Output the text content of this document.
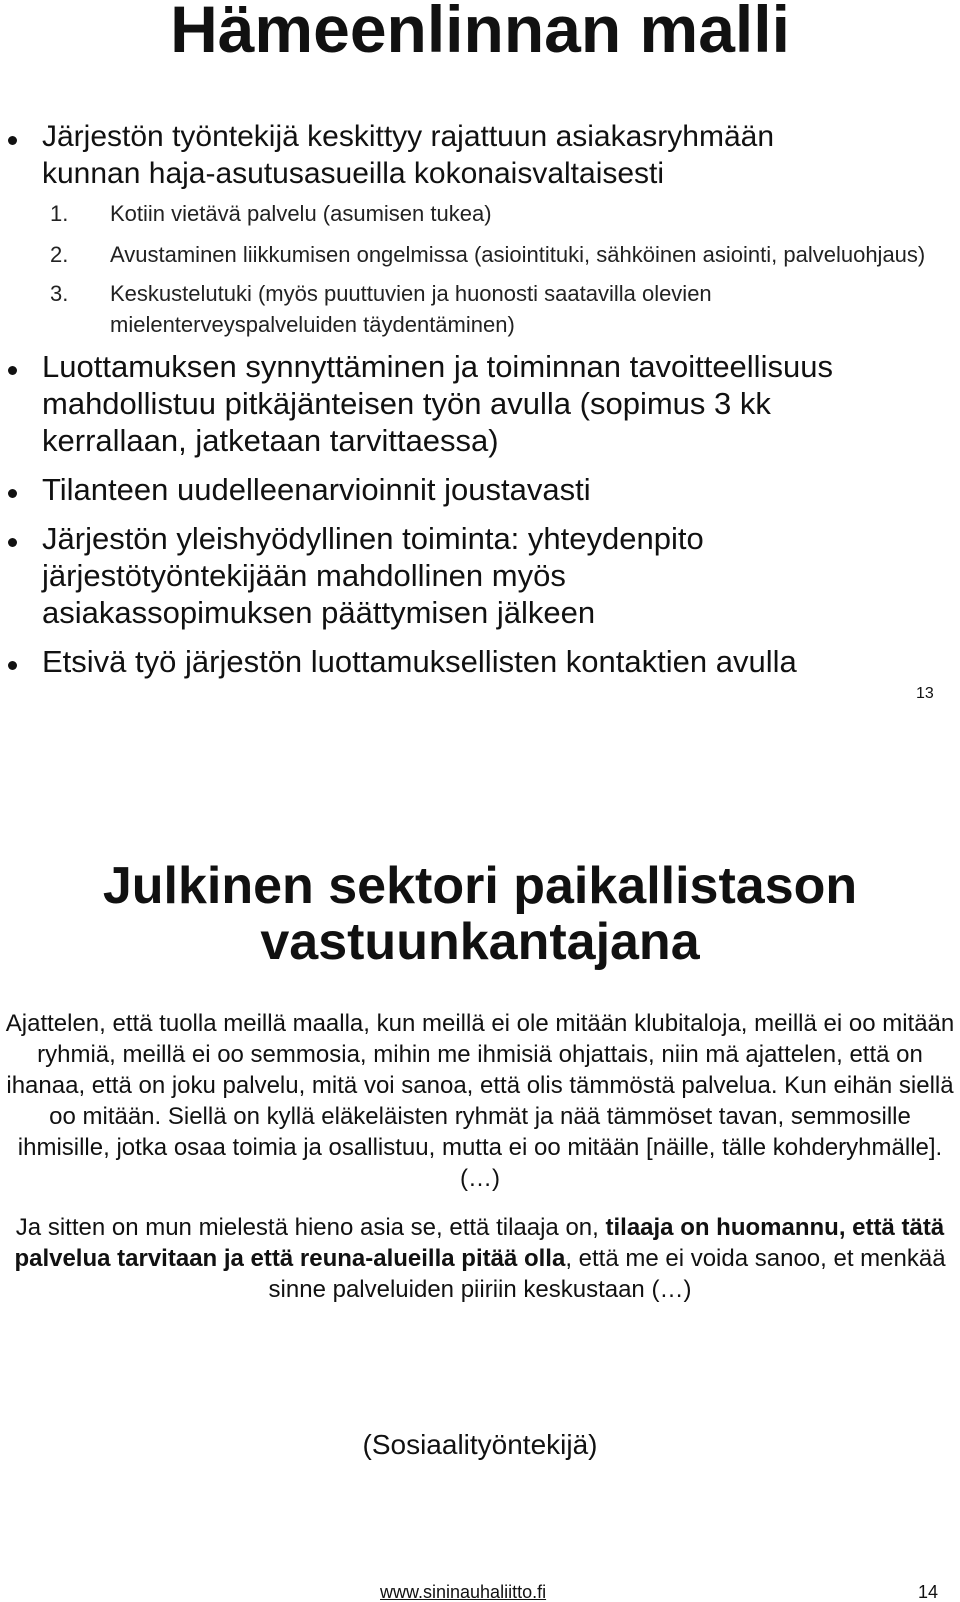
Hämeenlinnan malli
Järjestön työntekijä keskittyy rajattuun asiakasryhmään
kunnan haja-asutusasueilla kokonaisvaltaisesti
1. Kotiin vietävä palvelu (asumisen tukea)
2. Avustaminen liikkumisen ongelmissa (asiointituki, sähköinen asiointi, palveluohjaus)
3. Keskustelutuki (myös puuttuvien ja huonosti saatavilla olevien mielenterveyspalveluiden täydentäminen)
Luottamuksen synnyttäminen ja toiminnan tavoitteellisuus mahdollistuu pitkäjänteisen työn avulla (sopimus 3 kk kerrallaan, jatketaan tarvittaessa)
Tilanteen uudelleenarvioinnit joustavasti
Järjestön yleishyödyllinen toiminta: yhteydenpito järjestötyöntekijään mahdollinen myös asiakassopimuksen päättymisen jälkeen
Etsivä työ järjestön luottamuksellisten kontaktien avulla
13
Julkinen sektori paikallistason
vastuunkantajana

Ajattelen, että tuolla meillä maalla, kun meillä ei ole mitään klubitaloja, meillä ei oo mitään ryhmiä, meillä ei oo semmosia, mihin me ihmisiä ohjattais, niin mä ajattelen, että on ihanaa, että on joku palvelu, mitä voi sanoa, että olis tämmöstä palvelua. Kun eihän siellä oo mitään. Siellä on kyllä eläkeläisten ryhmät ja nää tämmöset tavan, semmosille ihmisille, jotka osaa toimia ja osallistuu, mutta ei oo mitään [näille, tälle kohderyhmälle]. (…)

Ja sitten on mun mielestä hieno asia se, että tilaaja on, tilaaja on huomannu, että tätä palvelua tarvitaan ja että reuna-alueilla pitää olla, että me ei voida sanoo, et menkää sinne palveluiden piiriin keskustaan (…)

(Sosiaalityöntekijä)
www.sininauhaliitto.fi	14
